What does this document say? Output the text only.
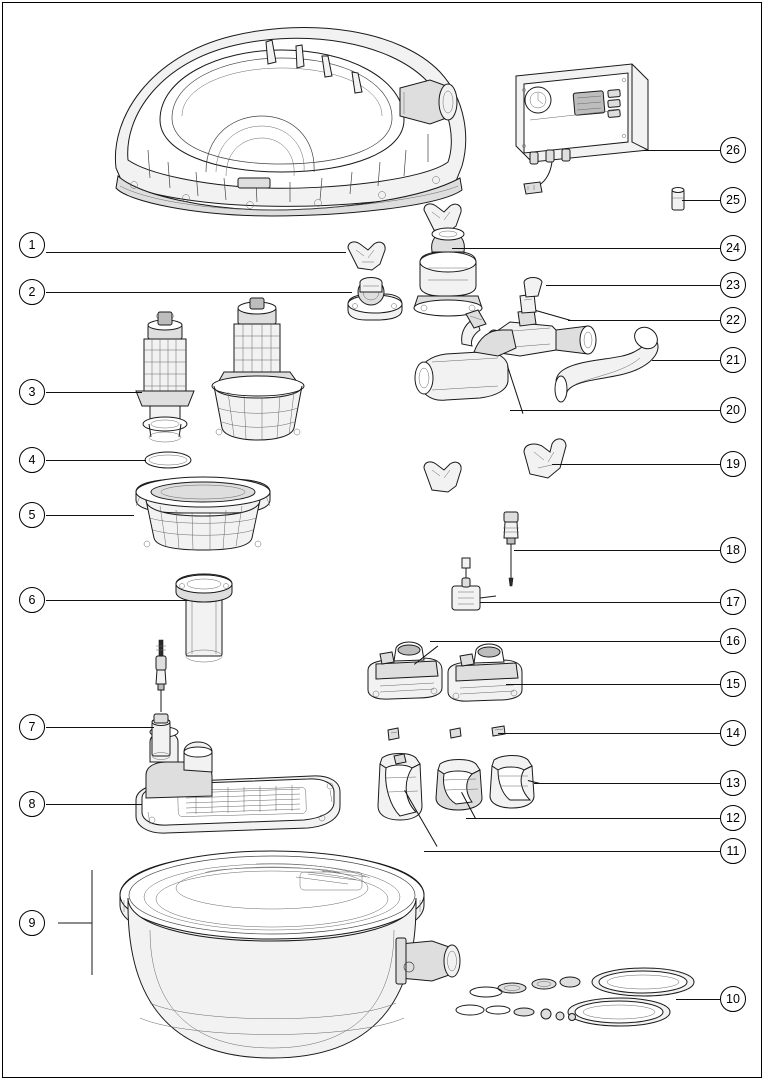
1
2
3
4
5
6
7
8
9
10
11
12
13
14
15
16
17
18
19
20
21
22
23
24
25
26
